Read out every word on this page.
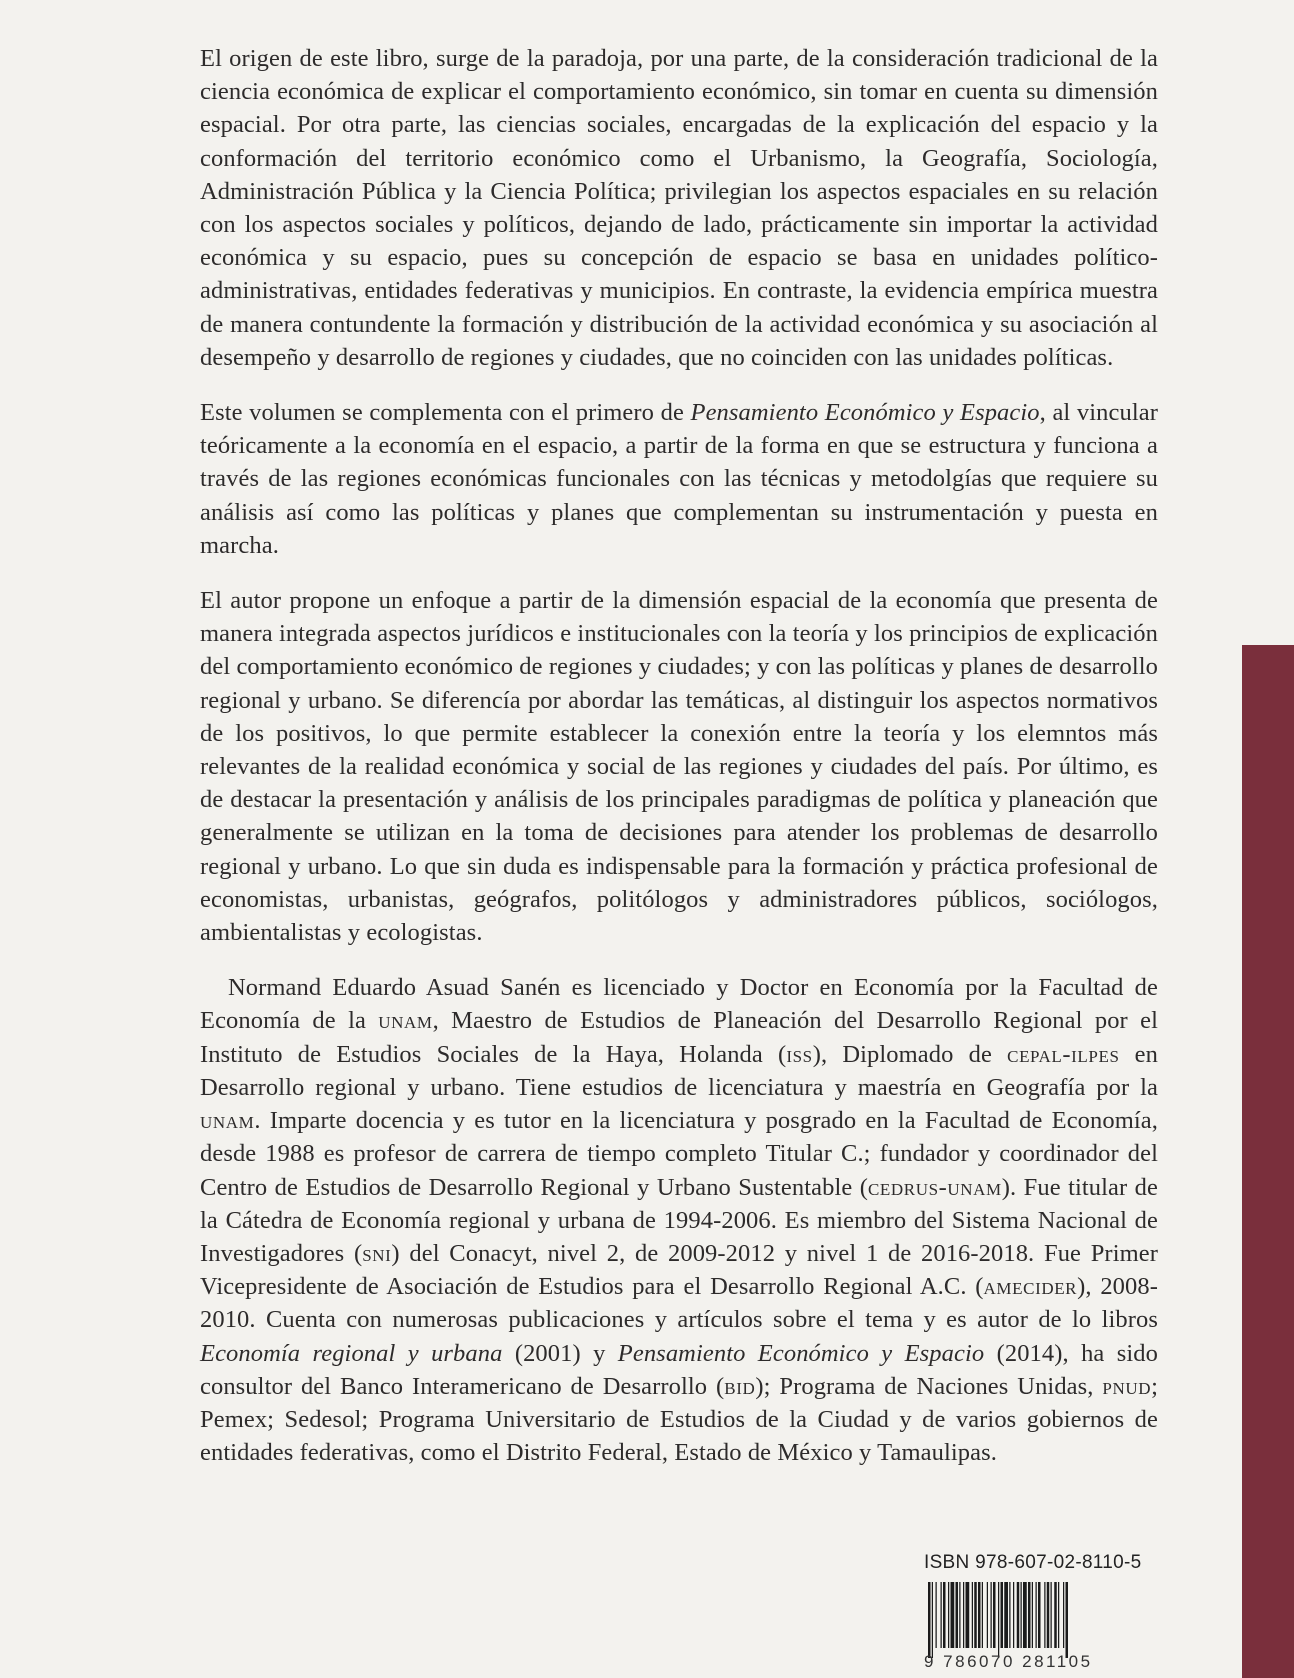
El origen de este libro, surge de la paradoja, por una parte, de la consideración tradicional de la ciencia económica de explicar el comportamiento económico, sin tomar en cuenta su dimensión espacial. Por otra parte, las ciencias sociales, encargadas de la explicación del espacio y la conformación del territorio económico como el Urbanismo, la Geografía, Sociología, Administración Pública y la Ciencia Política; privilegian los aspectos espaciales en su relación con los aspectos sociales y políticos, dejando de lado, prácticamente sin importar la actividad económica y su espacio, pues su concepción de espacio se basa en unidades político-administrativas, entidades federativas y municipios. En contraste, la evidencia empírica muestra de manera contundente la formación y distribución de la actividad económica y su asociación al desempeño y desarrollo de regiones y ciudades, que no coinciden con las unidades políticas.

Este volumen se complementa con el primero de Pensamiento Económico y Espacio, al vincular teóricamente a la economía en el espacio, a partir de la forma en que se estructura y funciona a través de las regiones económicas funcionales con las técnicas y metodolgías que requiere su análisis así como las políticas y planes que complementan su instrumentación y puesta en marcha.

El autor propone un enfoque a partir de la dimensión espacial de la economía que presenta de manera integrada aspectos jurídicos e institucionales con la teoría y los principios de explicación del comportamiento económico de regiones y ciudades; y con las políticas y planes de desarrollo regional y urbano. Se diferencía por abordar las temáticas, al distinguir los aspectos normativos de los positivos, lo que permite establecer la conexión entre la teoría y los elemntos más relevantes de la realidad económica y social de las regiones y ciudades del país. Por último, es de destacar la presentación y análisis de los principales paradigmas de política y planeación que generalmente se utilizan en la toma de decisiones para atender los problemas de desarrollo regional y urbano. Lo que sin duda es indispensable para la formación y práctica profesional de economistas, urbanistas, geógrafos, politólogos y administradores públicos, sociólogos, ambientalistas y ecologistas.

Normand Eduardo Asuad Sanén es licenciado y Doctor en Economía por la Facultad de Economía de la unam, Maestro de Estudios de Planeación del Desarrollo Regional por el Instituto de Estudios Sociales de la Haya, Holanda (iss), Diplomado de cepal-ilpes en Desarrollo regional y urbano. Tiene estudios de licenciatura y maestría en Geografía por la unam. Imparte docencia y es tutor en la licenciatura y posgrado en la Facultad de Economía, desde 1988 es profesor de carrera de tiempo completo Titular C.; fundador y coordinador del Centro de Estudios de Desarrollo Regional y Urbano Sustentable (cedrus-unam). Fue titular de la Cátedra de Economía regional y urbana de 1994-2006. Es miembro del Sistema Nacional de Investigadores (sni) del Conacyt, nivel 2, de 2009-2012 y nivel 1 de 2016-2018. Fue Primer Vicepresidente de Asociación de Estudios para el Desarrollo Regional A.C. (amecider), 2008-2010. Cuenta con numerosas publicaciones y artículos sobre el tema y es autor de lo libros Economía regional y urbana (2001) y Pensamiento Económico y Espacio (2014), ha sido consultor del Banco Interamericano de Desarrollo (bid); Programa de Naciones Unidas, pnud; Pemex; Sedesol; Programa Universitario de Estudios de la Ciudad y de varios gobiernos de entidades federativas, como el Distrito Federal, Estado de México y Tamaulipas.

ISBN 978-607-02-8110-5
9 786070 281105
